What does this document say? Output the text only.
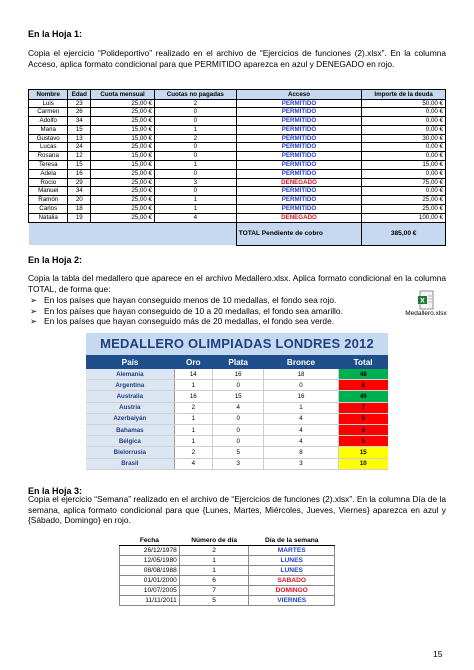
En la Hoja 1:
Copia el ejercicio “Polideportivo” realizado en el archivo de “Ejercicios de funciones (2).xlsx”. En la columna Acceso, aplica formato condicional para que PERMITIDO aparezca en azul y DENEGADO en rojo.
Nombre	Edad	Cuota mensual	Cuotas no pagadas	Acceso	Importe de la deuda
Luis	23	25,00 €	2	PERMITIDO	50,00 €
Carmen	26	25,00 €	0	PERMITIDO	0,00 €
Adolfo	34	25,00 €	0	PERMITIDO	0,00 €
Maria	15	15,00 €	1	PERMITIDO	0,00 €
Gustavo	13	15,00 €	2	PERMITIDO	30,00 €
Lucas	24	25,00 €	0	PERMITIDO	0,00 €
Rosana	12	15,00 €	0	PERMITIDO	0,00 €
Teresa	15	15,00 €	1	PERMITIDO	15,00 €
Adela	16	25,00 €	0	PERMITIDO	0,00 €
Rocio	29	25,00 €	3	DENEGADO	75,00 €
Manuel	34	25,00 €	0	PERMITIDO	0,00 €
Ramón	20	25,00 €	1	PERMITIDO	25,00 €
Carlos	18	25,00 €	1	PERMITIDO	25,00 €
Natalia	19	25,00 €	4	DENEGADO	100,00 €
				TOTAL Pendiente de cobro	385,00 €
En la Hoja 2:
Copia la tabla del medallero que aparece en el archivo Medallero.xlsx. Aplica formato condicional en la columna TOTAL, de forma que:
➢ En los países que hayan conseguido menos de 10 medallas, el fondo sea rojo.
➢ En los países que hayan conseguido de 10 a 20 medallas, el fondo sea amarillo.
➢ En los países que hayan conseguido más de 20 medallas, el fondo sea verde.
X
Medallero.xlsx
MEDALLERO OLIMPIADAS LONDRES 2012
País	Oro	Plata	Bronce	Total
Alemania	14	16	18	48
Argentina	1	0	0	6
Australia	16	15	16	49
Austria	2	4	1	7
Azerbaiyán	1	0	4	5
Bahamas	1	0	4	5
Bélgica	1	0	4	5
Bielorrusia	2	5	8	15
Brasil	4	3	3	10
En la Hoja 3:
Copia el ejercicio “Semana” realizado en el archivo de “Ejercicios de funciones (2).xlsx”. En la columna Día de la semana, aplica formato condicional para que {Lunes, Martes, Miércoles, Jueves, Viernes} aparezca en azul y {Sábado, Domingo} en rojo.
Fecha	Número de día	Día de la semana
26/12/1978	2	MARTES
12/05/1980	1	LUNES
08/08/1988	1	LUNES
01/01/2000	6	SABADO
10/07/2005	7	DOMINGO
11/11/2011	5	VIERNES
15
